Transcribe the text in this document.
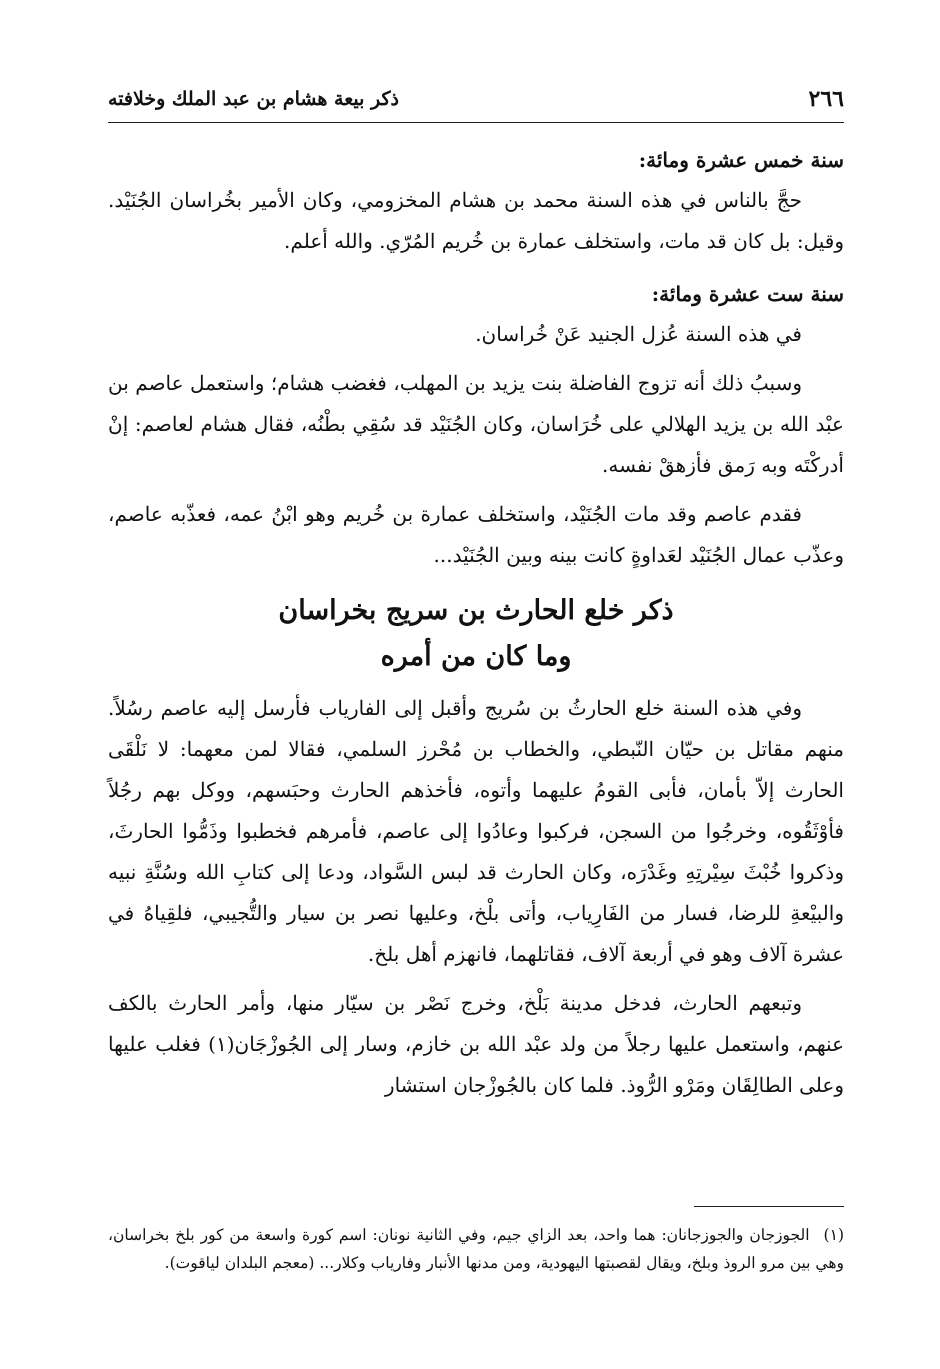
٢٦٦
ذكر بيعة هشام بن عبد الملك وخلافته
سنة خمس عشرة ومائة:

حجَّ بالناس في هذه السنة محمد بن هشام المخزومي، وكان الأمير بخُراسان الجُنَيْد. وقيل: بل كان قد مات، واستخلف عمارة بن خُريم المُرّي. والله أعلم.

سنة ست عشرة ومائة:

في هذه السنة عُزل الجنيد عَنْ خُراسان.

وسببُ ذلك أنه تزوج الفاضلة بنت يزيد بن المهلب، فغضب هشام؛ واستعمل عاصم بن عبْد الله بن يزيد الهلالي على خُرَاسان، وكان الجُنَيْد قد سُقِي بطْنُه، فقال هشام لعاصم: إنْ أدركْتَه وبه رَمق فأزهقْ نفسه.

فقدم عاصم وقد مات الجُنَيْد، واستخلف عمارة بن خُريم وهو ابْنُ عمه، فعذّبه عاصم، وعذّب عمال الجُنَيْد لعَداوةٍ كانت بينه وبين الجُنَيْد...

ذكر خلع الحارث بن سريج بخراسان
وما كان من أمره

وفي هذه السنة خلع الحارثُ بن سُريج وأقبل إلى الفارياب فأرسل إليه عاصم رسُلاً. منهم مقاتل بن حيّان النّبطي، والخطاب بن مُحْرز السلمي، فقالا لمن معهما: لا نَلْقَى الحارث إلاّ بأمان، فأبى القومُ عليهما وأتوه، فأخذهم الحارث وحبَسهم، ووكل بهم رجُلاً فأوْثَقُوه، وخرجُوا من السجن، فركبوا وعادُوا إلى عاصم، فأمرهم فخطبوا وذَمُّوا الحارثَ، وذكروا خُبْثَ سِيْرتِهِ وغَدْرَه، وكان الحارث قد لبس السَّواد، ودعا إلى كتابِ الله وسُنَّةِ نبيه والبيْعةِ للرضا، فسار من الفَارِياب، وأتى بلْخ، وعليها نصر بن سيار والتُّجيبي، فلقِياهُ في عشرة آلاف وهو في أربعة آلاف، فقاتلهما، فانهزم أهل بلخ.

وتبعهم الحارث، فدخل مدينة بَلْخ، وخرج نَصْر بن سيّار منها، وأمر الحارث بالكف عنهم، واستعمل عليها رجلاً من ولد عبْد الله بن خازم، وسار إلى الجُوزْجَان(١) فغلب عليها وعلى الطالِقَان ومَرْو الرُّوذ. فلما كان بالجُوزْجان استشار

(١) الجوزجان والجوزجانان: هما واحد، بعد الزاي جيم، وفي الثانية نونان: اسم كورة واسعة من كور بلخ بخراسان، وهي بين مرو الروذ وبلخ، ويقال لقصبتها اليهودية، ومن مدنها الأنبار وفارياب وكلار... (معجم البلدان لياقوت).
